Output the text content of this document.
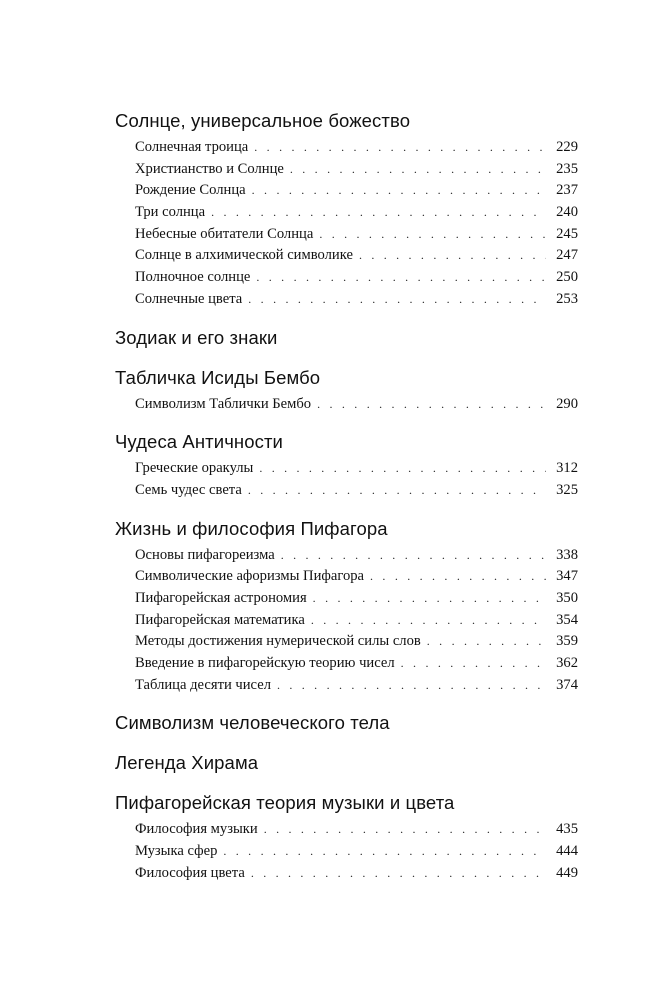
Солнце, универсальное божество
Солнечная троица . . .	229
Христианство и Солнце . . .	235
Рождение Солнца . . .	237
Три солнца . . .	240
Небесные обитатели Солнца . . .	245
Солнце в алхимической символике . . .	247
Полночное солнце . . .	250
Солнечные цвета . . .	253
Зодиак и его знаки
Табличка Исиды Бембо
Символизм Таблички Бембо . . .	290
Чудеса Античности
Греческие оракулы . . .	312
Семь чудес света . . .	325
Жизнь и философия Пифагора
Основы пифагореизма . . .	338
Символические афоризмы Пифагора . . .	347
Пифагорейская астрономия . . .	350
Пифагорейская математика . . .	354
Методы достижения нумерической силы слов . . .	359
Введение в пифагорейскую теорию чисел . . .	362
Таблица десяти чисел . . .	374
Символизм человеческого тела
Легенда Хирама
Пифагорейская теория музыки и цвета
Философия музыки . . .	435
Музыка сфер . . .	444
Философия цвета . . .	449
